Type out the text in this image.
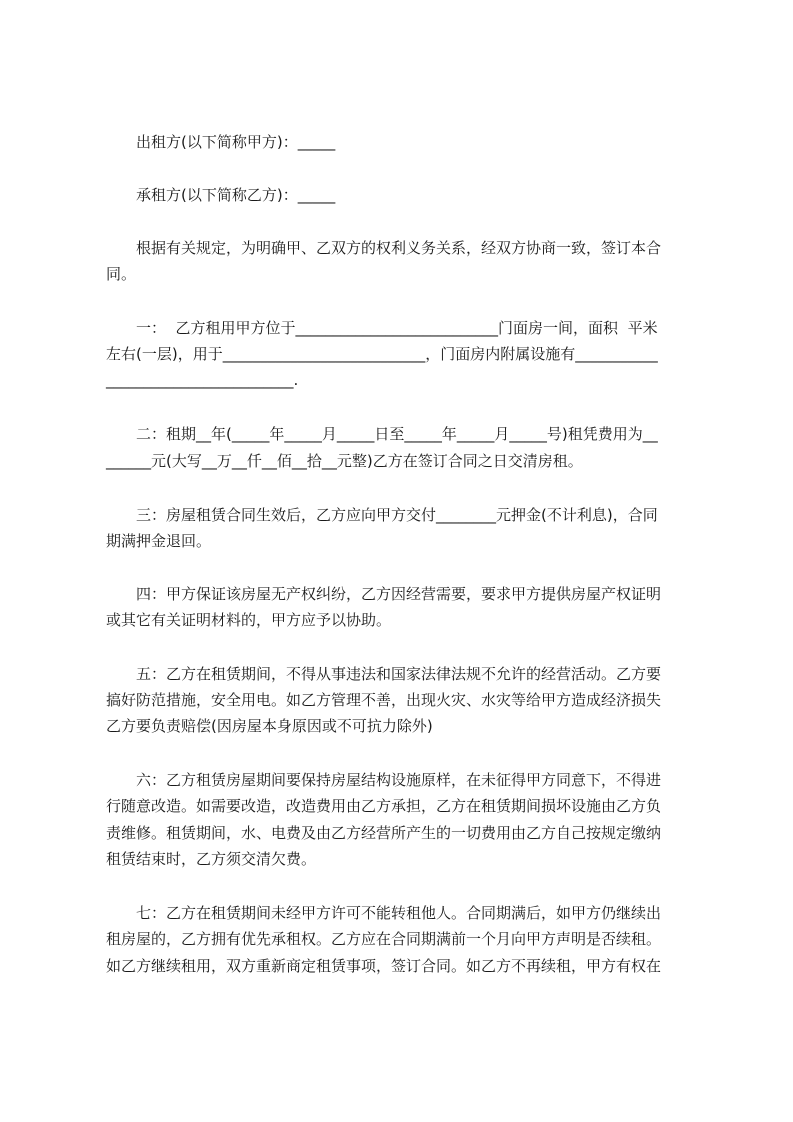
出租方(以下简称甲方)：_____
承租方(以下简称乙方)：_____
根据有关规定，为明确甲、乙双方的权利义务关系，经双方协商一致，签订本合
同。
一：  乙方租用甲方位于___________________________门面房一间，面积  平米
左右(一层)，用于___________________________，门面房内附属设施有___________
_________________________.
二：租期__年(_____年_____月_____日至_____年_____月_____号)租凭费用为__
______元(大写__万__仟__佰__拾__元整)乙方在签订合同之日交清房租。
三：房屋租赁合同生效后，乙方应向甲方交付________元押金(不计利息)，合同
期满押金退回。
四：甲方保证该房屋无产权纠纷，乙方因经营需要，要求甲方提供房屋产权证明
或其它有关证明材料的，甲方应予以协助。
五：乙方在租赁期间，不得从事违法和国家法律法规不允许的经营活动。乙方要
搞好防范措施，安全用电。如乙方管理不善，出现火灾、水灾等给甲方造成经济损失
乙方要负责赔偿(因房屋本身原因或不可抗力除外)
六：乙方租赁房屋期间要保持房屋结构设施原样，在未征得甲方同意下，不得进
行随意改造。如需要改造，改造费用由乙方承担，乙方在租赁期间损坏设施由乙方负
责维修。租赁期间，水、电费及由乙方经营所产生的一切费用由乙方自己按规定缴纳
租赁结束时，乙方须交清欠费。
七：乙方在租赁期间未经甲方许可不能转租他人。合同期满后，如甲方仍继续出
租房屋的，乙方拥有优先承租权。乙方应在合同期满前一个月向甲方声明是否续租。
如乙方继续租用，双方重新商定租赁事项，签订合同。如乙方不再续租，甲方有权在
